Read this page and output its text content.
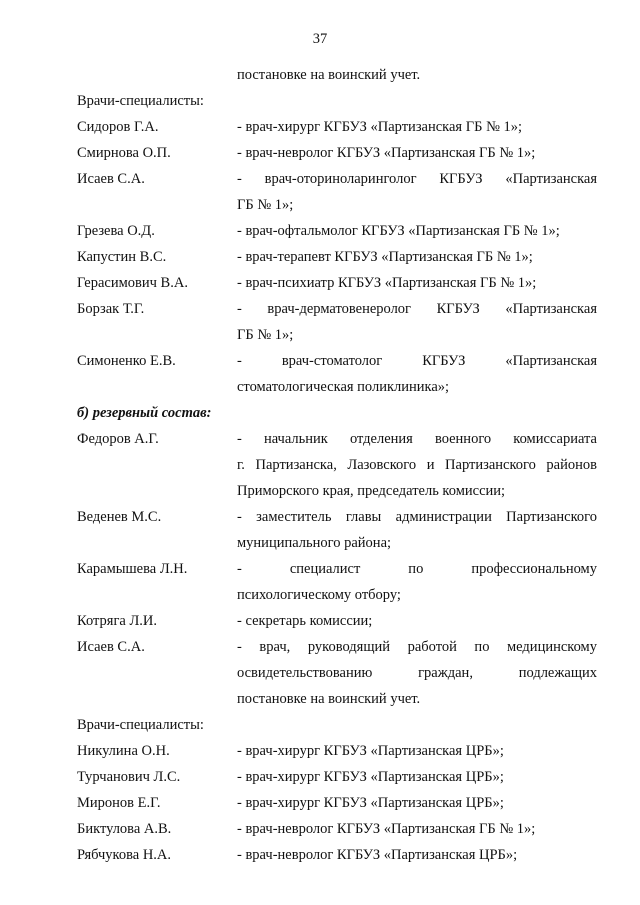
37
постановке на воинский учет.
Врачи-специалисты:
Сидоров Г.А.	- врач-хирург КГБУЗ «Партизанская ГБ № 1»;
Смирнова О.П.	- врач-невролог КГБУЗ «Партизанская ГБ № 1»;
Исаев С.А.	- врач-оториноларинголог КГБУЗ «Партизанская
ГБ № 1»;
Грезева О.Д.	- врач-офтальмолог КГБУЗ «Партизанская ГБ № 1»;
Капустин В.С.	- врач-терапевт КГБУЗ «Партизанская ГБ № 1»;
Герасимович В.А.	- врач-психиатр КГБУЗ «Партизанская ГБ № 1»;
Борзак Т.Г.	- врач-дерматовенеролог КГБУЗ «Партизанская
ГБ № 1»;
Симоненко Е.В.	- врач-стоматолог КГБУЗ «Партизанская
стоматологическая поликлиника»;
б) резервный состав:
Федоров А.Г.	- начальник отделения военного комиссариата
г. Партизанска, Лазовского и Партизанского районов
Приморского края, председатель комиссии;
Веденев М.С.	- заместитель главы администрации Партизанского
муниципального района;
Карамышева Л.Н.	- специалист по профессиональному
психологическому отбору;
Котряга Л.И.	- секретарь комиссии;
Исаев С.А.	- врач, руководящий работой по медицинскому
освидетельствованию граждан, подлежащих
постановке на воинский учет.
Врачи-специалисты:
Никулина О.Н.	- врач-хирург КГБУЗ «Партизанская ЦРБ»;
Турчанович Л.С.	- врач-хирург КГБУЗ «Партизанская ЦРБ»;
Миронов Е.Г.	- врач-хирург КГБУЗ «Партизанская ЦРБ»;
Биктулова А.В.	- врач-невролог КГБУЗ «Партизанская ГБ № 1»;
Рябчукова Н.А.	- врач-невролог КГБУЗ «Партизанская ЦРБ»;
